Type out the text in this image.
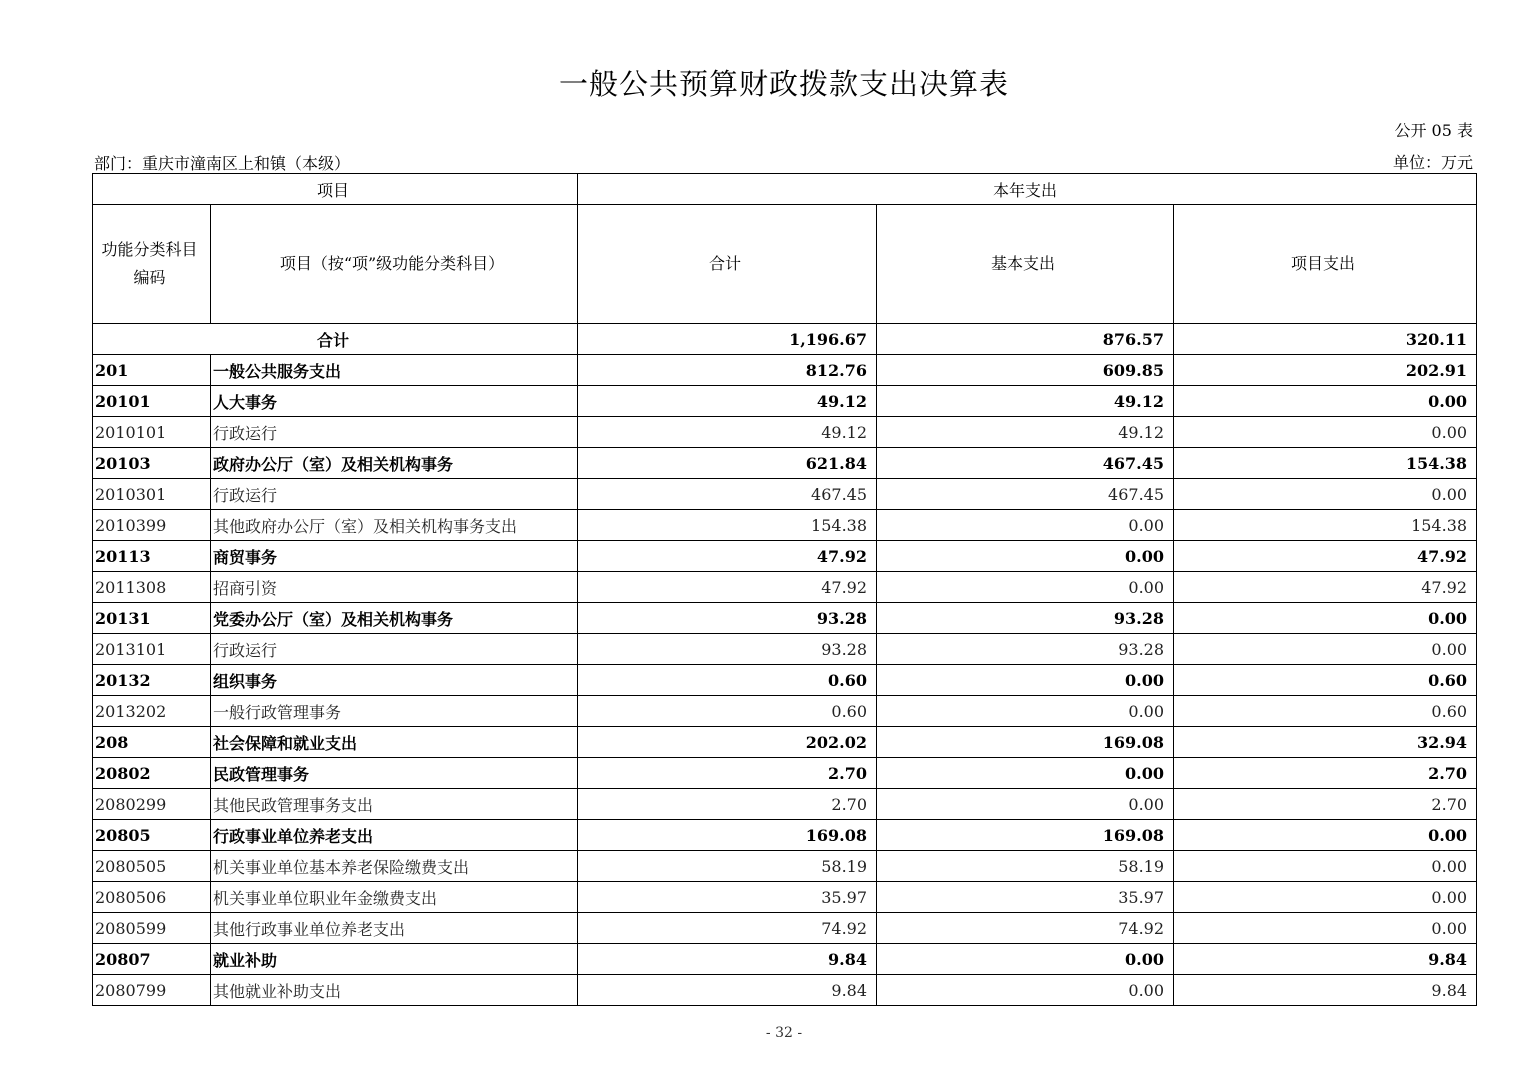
一般公共预算财政拨款支出决算表
公开 05 表
部门：重庆市潼南区上和镇（本级）	单位：万元
项目		本年支出		
功能分类科目
编码	项目（按“项”级功能分类科目）	合计	基本支出	项目支出
合计		1,196.67	876.57	320.11
201	一般公共服务支出	812.76	609.85	202.91
20101	人大事务	49.12	49.12	0.00
2010101	行政运行	49.12	49.12	0.00
20103	政府办公厅（室）及相关机构事务	621.84	467.45	154.38
2010301	行政运行	467.45	467.45	0.00
2010399	其他政府办公厅（室）及相关机构事务支出	154.38	0.00	154.38
20113	商贸事务	47.92	0.00	47.92
2011308	招商引资	47.92	0.00	47.92
20131	党委办公厅（室）及相关机构事务	93.28	93.28	0.00
2013101	行政运行	93.28	93.28	0.00
20132	组织事务	0.60	0.00	0.60
2013202	一般行政管理事务	0.60	0.00	0.60
208	社会保障和就业支出	202.02	169.08	32.94
20802	民政管理事务	2.70	0.00	2.70
2080299	其他民政管理事务支出	2.70	0.00	2.70
20805	行政事业单位养老支出	169.08	169.08	0.00
2080505	机关事业单位基本养老保险缴费支出	58.19	58.19	0.00
2080506	机关事业单位职业年金缴费支出	35.97	35.97	0.00
2080599	其他行政事业单位养老支出	74.92	74.92	0.00
20807	就业补助	9.84	0.00	9.84
2080799	其他就业补助支出	9.84	0.00	9.84
- 32 -
